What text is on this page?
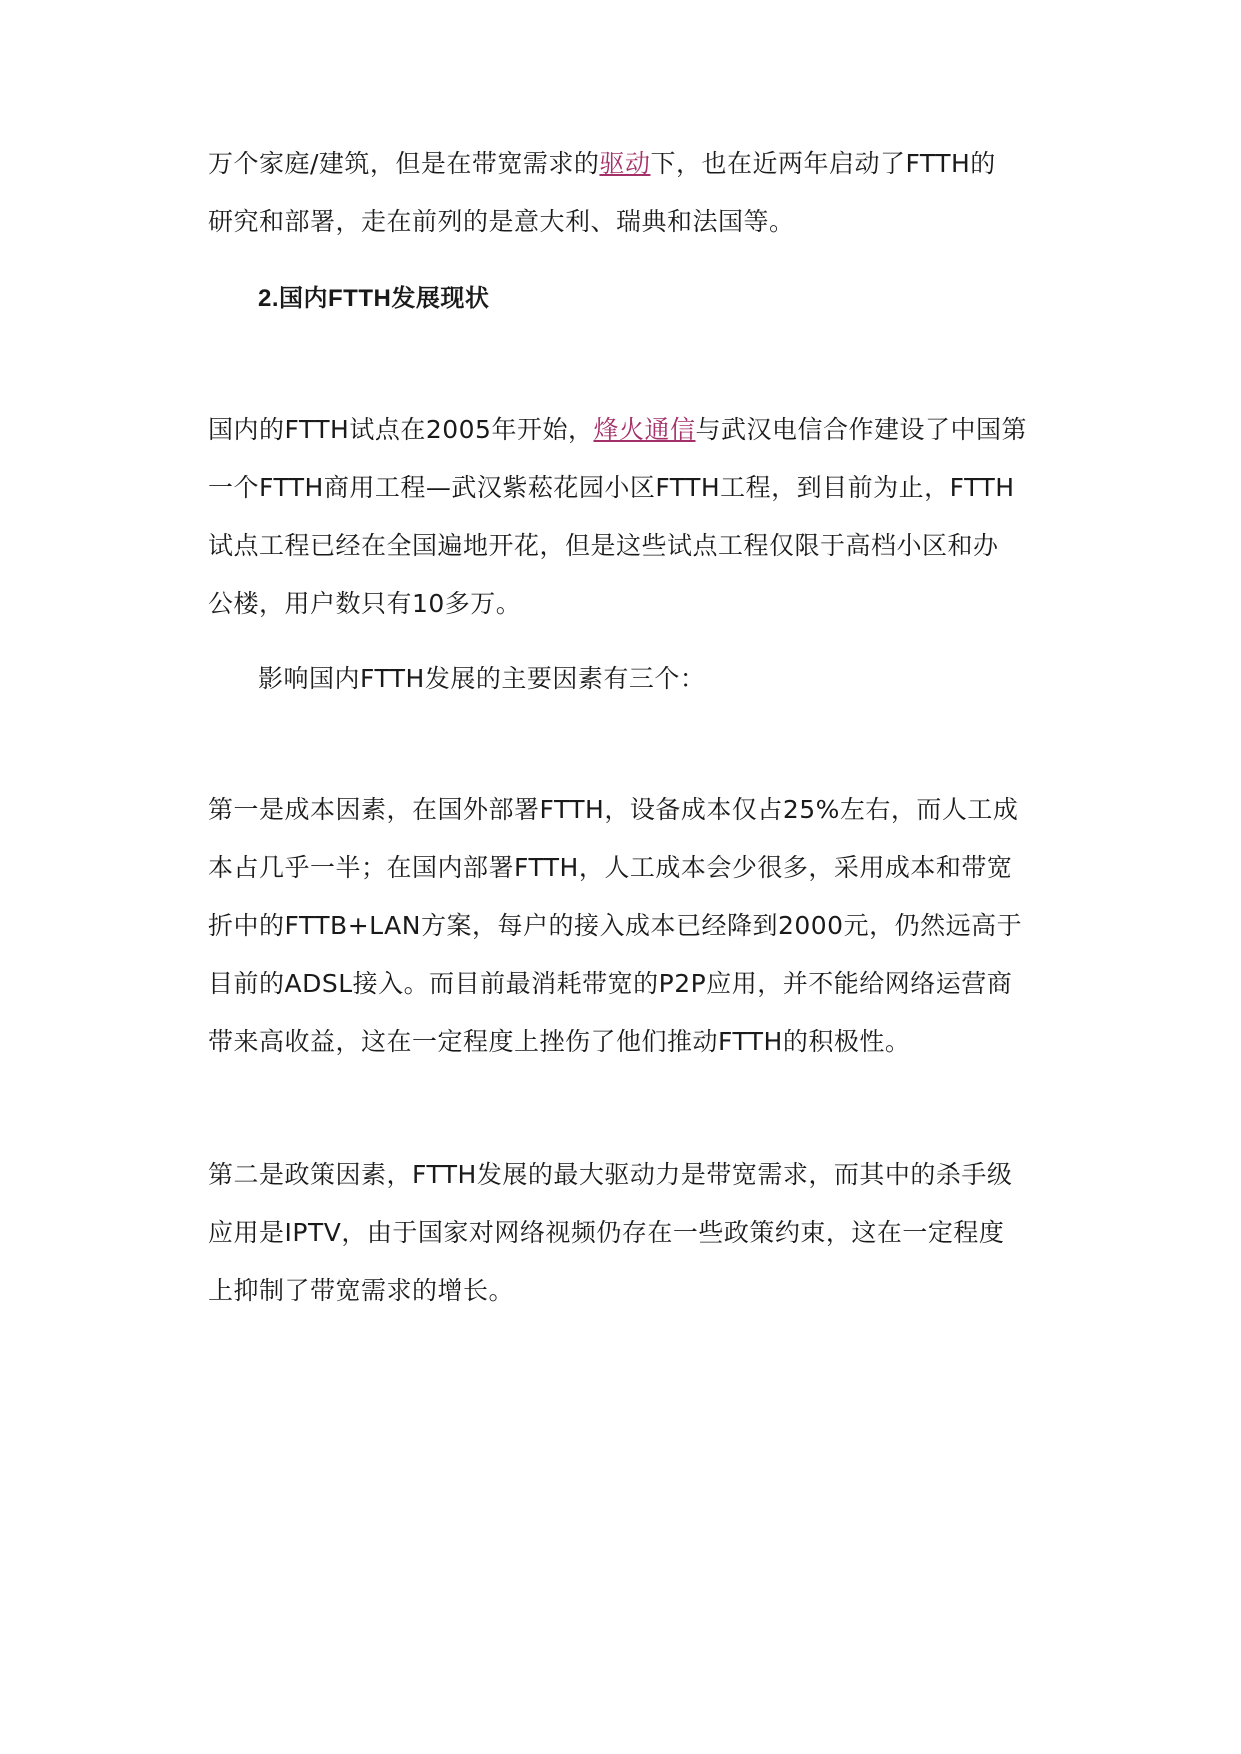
万个家庭/建筑，但是在带宽需求的驱动下，也在近两年启动了FTTH的
研究和部署，走在前列的是意大利、瑞典和法国等。
2.国内FTTH发展现状
国内的FTTH试点在2005年开始，烽火通信与武汉电信合作建设了中国第
一个FTTH商用工程—武汉紫菘花园小区FTTH工程，到目前为止，FTTH
试点工程已经在全国遍地开花，但是这些试点工程仅限于高档小区和办
公楼，用户数只有10多万。
影响国内FTTH发展的主要因素有三个：
第一是成本因素，在国外部署FTTH，设备成本仅占25%左右，而人工成
本占几乎一半；在国内部署FTTH，人工成本会少很多，采用成本和带宽
折中的FTTB+LAN方案，每户的接入成本已经降到2000元，仍然远高于
目前的ADSL接入。而目前最消耗带宽的P2P应用，并不能给网络运营商
带来高收益，这在一定程度上挫伤了他们推动FTTH的积极性。
第二是政策因素，FTTH发展的最大驱动力是带宽需求，而其中的杀手级
应用是IPTV，由于国家对网络视频仍存在一些政策约束，这在一定程度
上抑制了带宽需求的增长。
